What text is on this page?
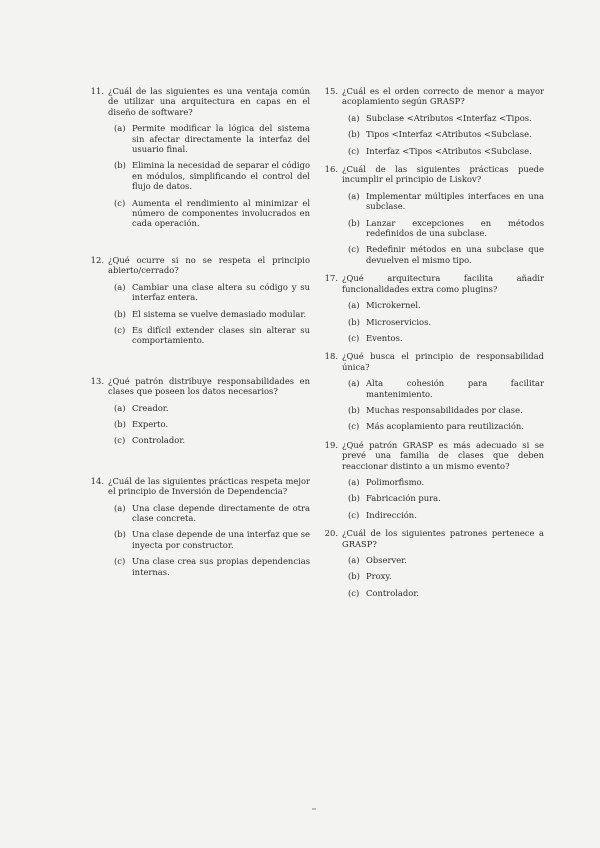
11. ¿Cuál de las siguientes es una ventaja común de utilizar una arquitectura en capas en el diseño de software?
(a) Permite modificar la lógica del sistema sin afectar directamente la interfaz del usuario final.
(b) Elimina la necesidad de separar el código en módulos, simplificando el control del flujo de datos.
(c) Aumenta el rendimiento al minimizar el número de componentes involucrados en cada operación.
12. ¿Qué ocurre si no se respeta el principio abierto/cerrado?
(a) Cambiar una clase altera su código y su interfaz entera.
(b) El sistema se vuelve demasiado modular.
(c) Es difícil extender clases sin alterar su comportamiento.
13. ¿Qué patrón distribuye responsabilidades en clases que poseen los datos necesarios?
(a) Creador.
(b) Experto.
(c) Controlador.
14. ¿Cuál de las siguientes prácticas respeta mejor el principio de Inversión de Dependencia?
(a) Una clase depende directamente de otra clase concreta.
(b) Una clase depende de una interfaz que se inyecta por constructor.
(c) Una clase crea sus propias dependencias internas.
15. ¿Cuál es el orden correcto de menor a mayor acoplamiento según GRASP?
(a) Subclase <Atributos <Interfaz <Tipos.
(b) Tipos <Interfaz <Atributos <Subclase.
(c) Interfaz <Tipos <Atributos <Subclase.
16. ¿Cuál de las siguientes prácticas puede incumplir el principio de Liskov?
(a) Implementar múltiples interfaces en una subclase.
(b) Lanzar excepciones en métodos redefinidos de una subclase.
(c) Redefinir métodos en una subclase que devuelven el mismo tipo.
17. ¿Qué arquitectura facilita añadir funcionalidades extra como plugins?
(a) Microkernel.
(b) Microservicios.
(c) Eventos.
18. ¿Qué busca el principio de responsabilidad única?
(a) Alta cohesión para facilitar mantenimiento.
(b) Muchas responsabilidades por clase.
(c) Más acoplamiento para reutilización.
19. ¿Qué patrón GRASP es más adecuado si se prevé una familia de clases que deben reaccionar distinto a un mismo evento?
(a) Polimorfismo.
(b) Fabricación pura.
(c) Indirección.
20. ¿Cuál de los siguientes patrones pertenece a GRASP?
(a) Observer.
(b) Proxy.
(c) Controlador.
